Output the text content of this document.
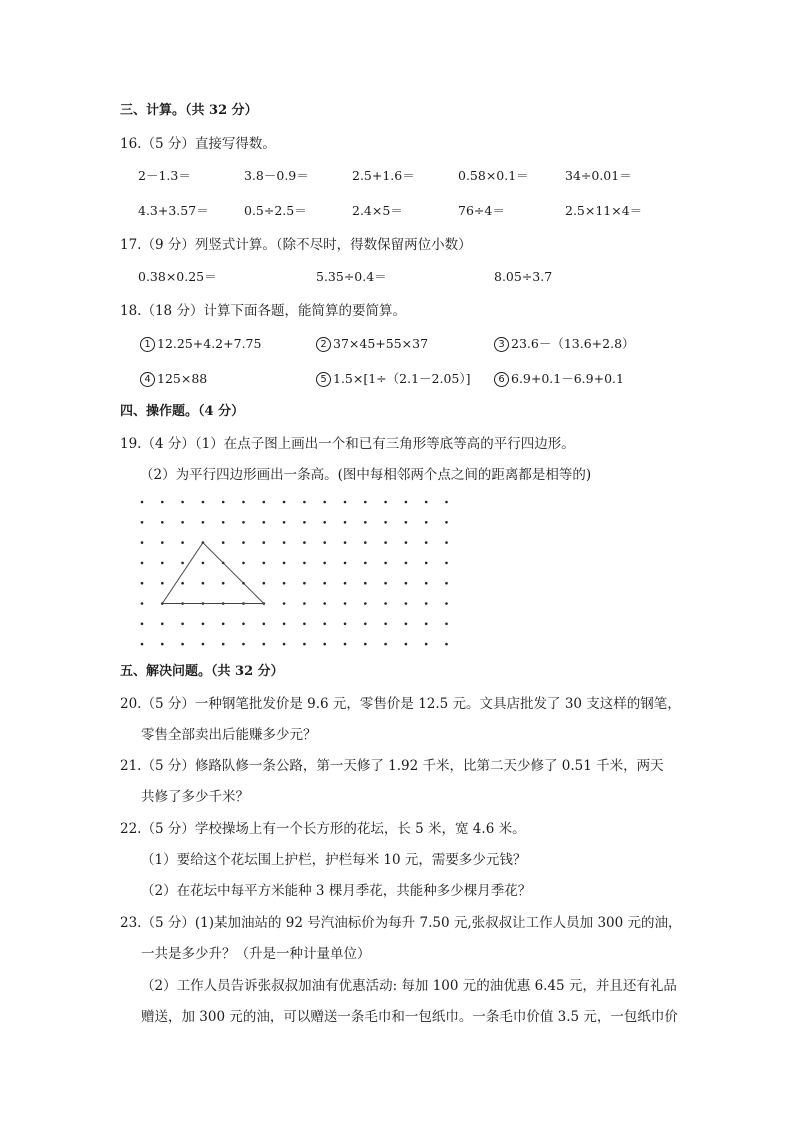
三、计算。（共 32 分）
16.（5 分）直接写得数。
2－1.3＝	3.8－0.9＝	2.5+1.6＝	0.58×0.1＝	34÷0.01＝
4.3+3.57＝	0.5÷2.5＝	2.4×5＝	76÷4＝	2.5×11×4＝
17.（9 分）列竖式计算。（除不尽时，得数保留两位小数）
0.38×0.25＝	5.35÷0.4＝	8.05÷3.7
18.（18 分）计算下面各题，能简算的要简算。
1 12.25+4.2+7.75	2 37×45+55×37	3 23.6－（13.6+2.8）
4 125×88	5 1.5×[1÷（2.1－2.05）]	6 6.9+0.1－6.9+0.1
四、操作题。（4 分）
19.（4 分）（1）在点子图上画出一个和已有三角形等底等高的平行四边形。
（2）为平行四边形画出一条高。(图中每相邻两个点之间的距离都是相等的)
五、解决问题。（共 32 分）
20.（5 分）一种钢笔批发价是 9.6 元，零售价是 12.5 元。文具店批发了 30 支这样的钢笔，
零售全部卖出后能赚多少元？
21.（5 分）修路队修一条公路，第一天修了 1.92 千米，比第二天少修了 0.51 千米，两天
共修了多少千米？
22.（5 分）学校操场上有一个长方形的花坛，长 5 米，宽 4.6 米。
（1）要给这个花坛围上护栏，护栏每米 10 元，需要多少元钱？
（2）在花坛中每平方米能种 3 棵月季花，共能种多少棵月季花？
23.（5 分）(1)某加油站的 92 号汽油标价为每升 7.50 元,张叔叔让工作人员加 300 元的油，
一共是多少升？（升是一种计量单位）
（2）工作人员告诉张叔叔加油有优惠活动: 每加 100 元的油优惠 6.45 元，并且还有礼品
赠送，加 300 元的油，可以赠送一条毛巾和一包纸巾。一条毛巾价值 3.5 元，一包纸巾价
